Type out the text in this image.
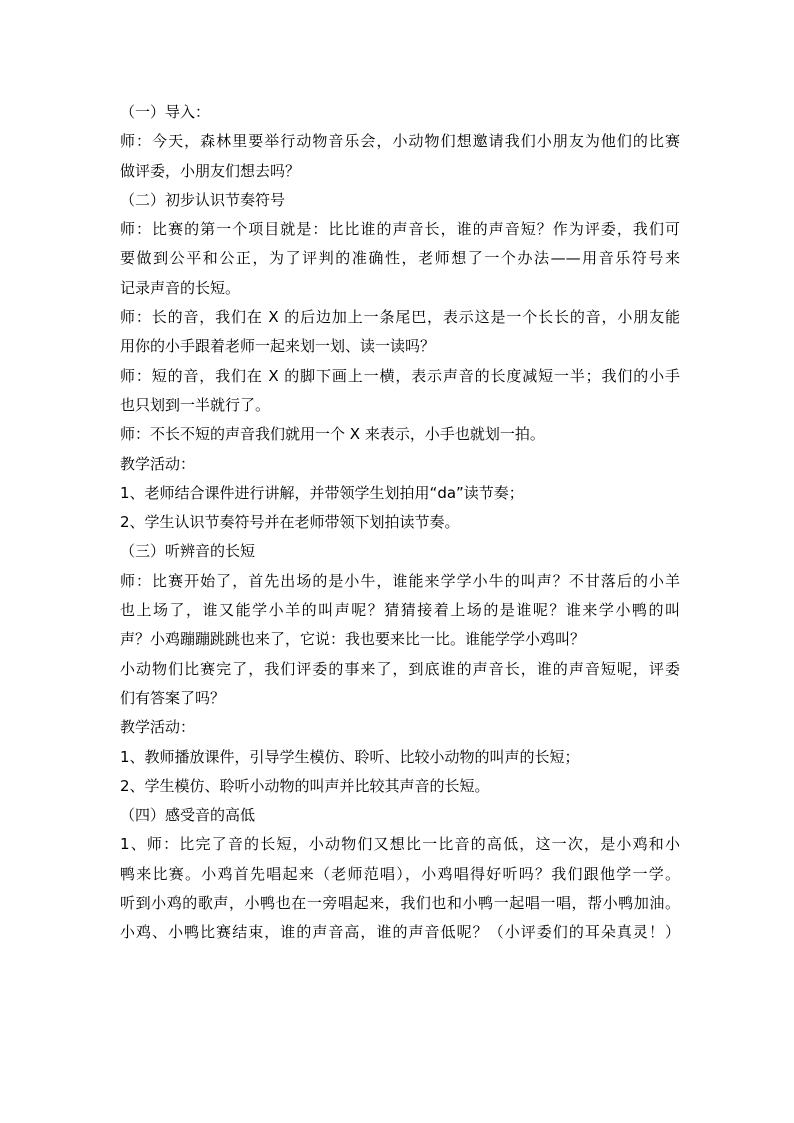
（一）导入：
师：今天，森林里要举行动物音乐会，小动物们想邀请我们小朋友为他们的比赛
做评委，小朋友们想去吗？
（二）初步认识节奏符号
师：比赛的第一个项目就是：比比谁的声音长，谁的声音短？作为评委，我们可
要做到公平和公正，为了评判的准确性，老师想了一个办法——用音乐符号来
记录声音的长短。
师：长的音，我们在 X 的后边加上一条尾巴，表示这是一个长长的音，小朋友能
用你的小手跟着老师一起来划一划、读一读吗？
师：短的音，我们在 X 的脚下画上一横，表示声音的长度减短一半；我们的小手
也只划到一半就行了。
师：不长不短的声音我们就用一个 X 来表示，小手也就划一拍。
教学活动：
1、老师结合课件进行讲解，并带领学生划拍用“da”读节奏；
2、学生认识节奏符号并在老师带领下划拍读节奏。
（三）听辨音的长短
师：比赛开始了，首先出场的是小牛，谁能来学学小牛的叫声？不甘落后的小羊
也上场了，谁又能学小羊的叫声呢？猜猜接着上场的是谁呢？谁来学小鸭的叫
声？小鸡蹦蹦跳跳也来了，它说：我也要来比一比。谁能学学小鸡叫？
小动物们比赛完了，我们评委的事来了，到底谁的声音长，谁的声音短呢，评委
们有答案了吗？
教学活动：
1、教师播放课件，引导学生模仿、聆听、比较小动物的叫声的长短；
2、学生模仿、聆听小动物的叫声并比较其声音的长短。
（四）感受音的高低
1、师：比完了音的长短，小动物们又想比一比音的高低，这一次，是小鸡和小
鸭来比赛。小鸡首先唱起来（老师范唱），小鸡唱得好听吗？我们跟他学一学。
听到小鸡的歌声，小鸭也在一旁唱起来，我们也和小鸭一起唱一唱，帮小鸭加油。
小鸡、小鸭比赛结束，谁的声音高，谁的声音低呢？（小评委们的耳朵真灵！）
